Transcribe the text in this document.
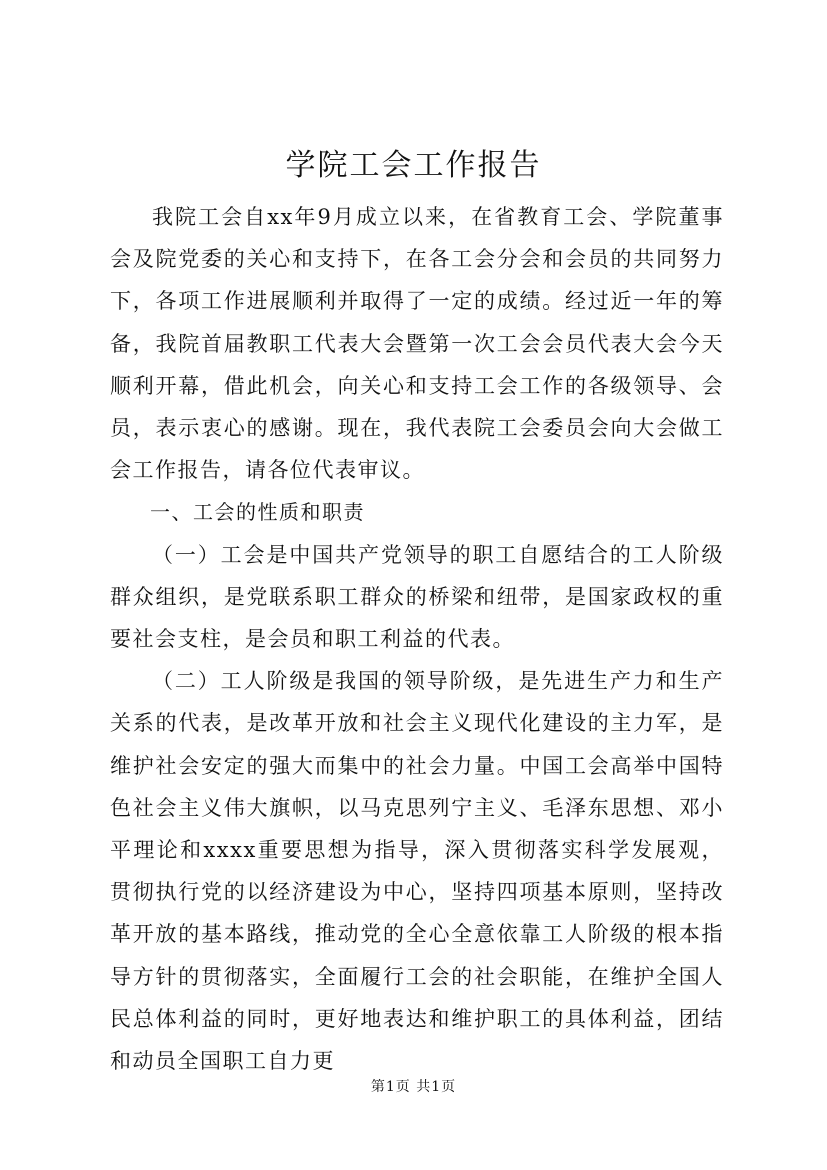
学院工会工作报告

我院工会自xx年9月成立以来，在省教育工会、学院董事会及院党委的关心和支持下，在各工会分会和会员的共同努力下，各项工作进展顺利并取得了一定的成绩。经过近一年的筹备，我院首届教职工代表大会暨第一次工会会员代表大会今天顺利开幕，借此机会，向关心和支持工会工作的各级领导、会员，表示衷心的感谢。现在，我代表院工会委员会向大会做工会工作报告，请各位代表审议。

一、工会的性质和职责

（一）工会是中国共产党领导的职工自愿结合的工人阶级群众组织，是党联系职工群众的桥梁和纽带，是国家政权的重要社会支柱，是会员和职工利益的代表。

（二）工人阶级是我国的领导阶级，是先进生产力和生产关系的代表，是改革开放和社会主义现代化建设的主力军，是维护社会安定的强大而集中的社会力量。中国工会高举中国特色社会主义伟大旗帜，以马克思列宁主义、毛泽东思想、邓小平理论和xxxx重要思想为指导，深入贯彻落实科学发展观，贯彻执行党的以经济建设为中心，坚持四项基本原则，坚持改革开放的基本路线，推动党的全心全意依靠工人阶级的根本指导方针的贯彻落实，全面履行工会的社会职能，在维护全国人民总体利益的同时，更好地表达和维护职工的具体利益，团结和动员全国职工自力更

第1页 共1页
